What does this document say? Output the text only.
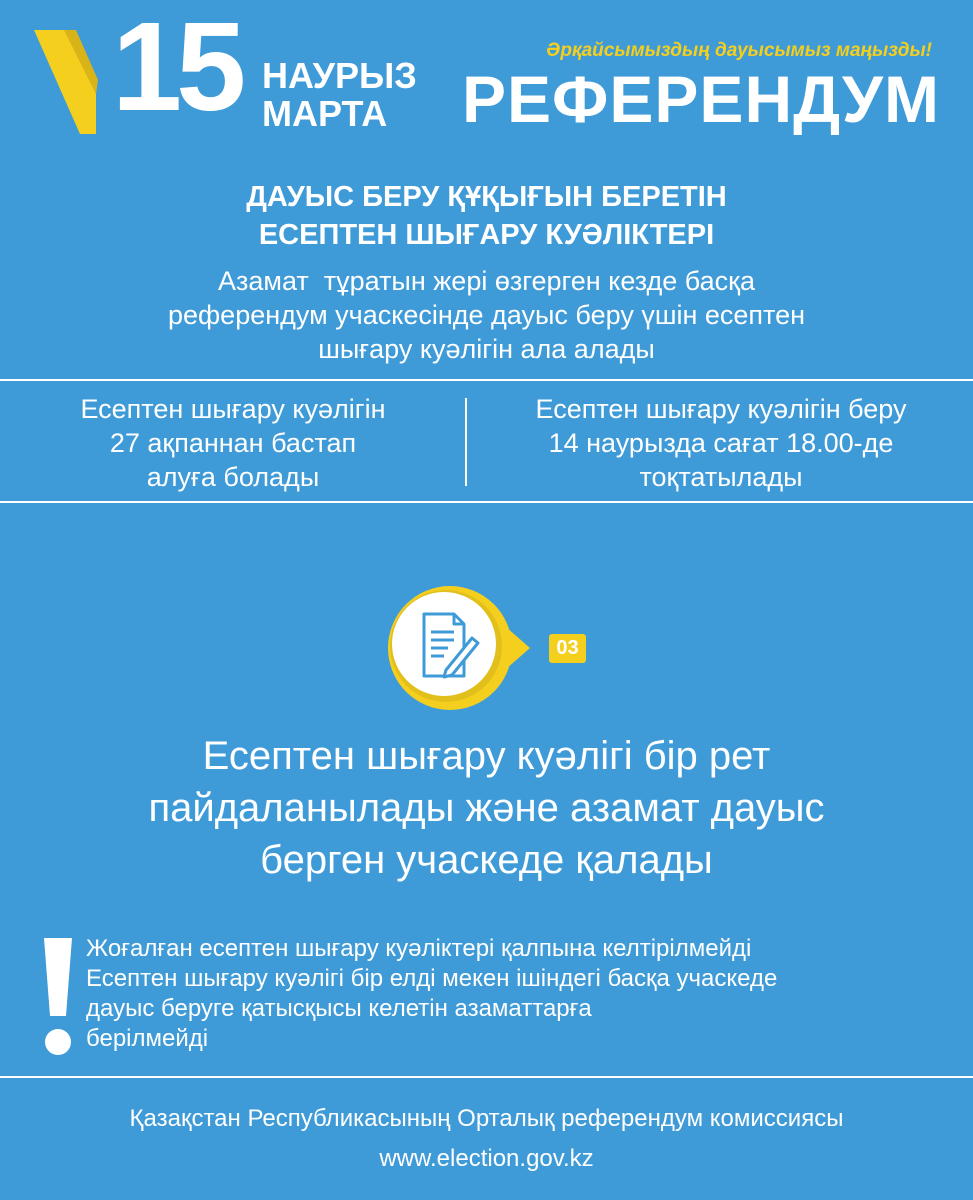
15 НАУРЫЗ
МАРТА
Әрқайсымыздың дауысымыз маңызды!
РЕФЕРЕНДУМ
ДАУЫС БЕРУ ҚҰҚЫҒЫН БЕРЕТІН
ЕСЕПТЕН ШЫҒАРУ КУӘЛІКТЕРІ
Азамат  тұратын жері өзгерген кезде басқа
референдум учаскесінде дауыс беру үшін есептен
шығару куәлігін ала алады
Есептен шығару куәлігін
27 ақпаннан бастап
алуға болады
Есептен шығару куәлігін беру
14 наурызда сағат 18.00-де
тоқтатылады
03
Есептен шығару куәлігі бір рет
пайдаланылады және азамат дауыс
берген учаскеде қалады
Жоғалған есептен шығару куәліктері қалпына келтірілмейді
Есептен шығару куәлігі бір елді мекен ішіндегі басқа учаскеде
дауыс беруге қатысқысы келетін азаматтарға
берілмейді
Қазақстан Республикасының Орталық референдум комиссиясы
www.election.gov.kz
